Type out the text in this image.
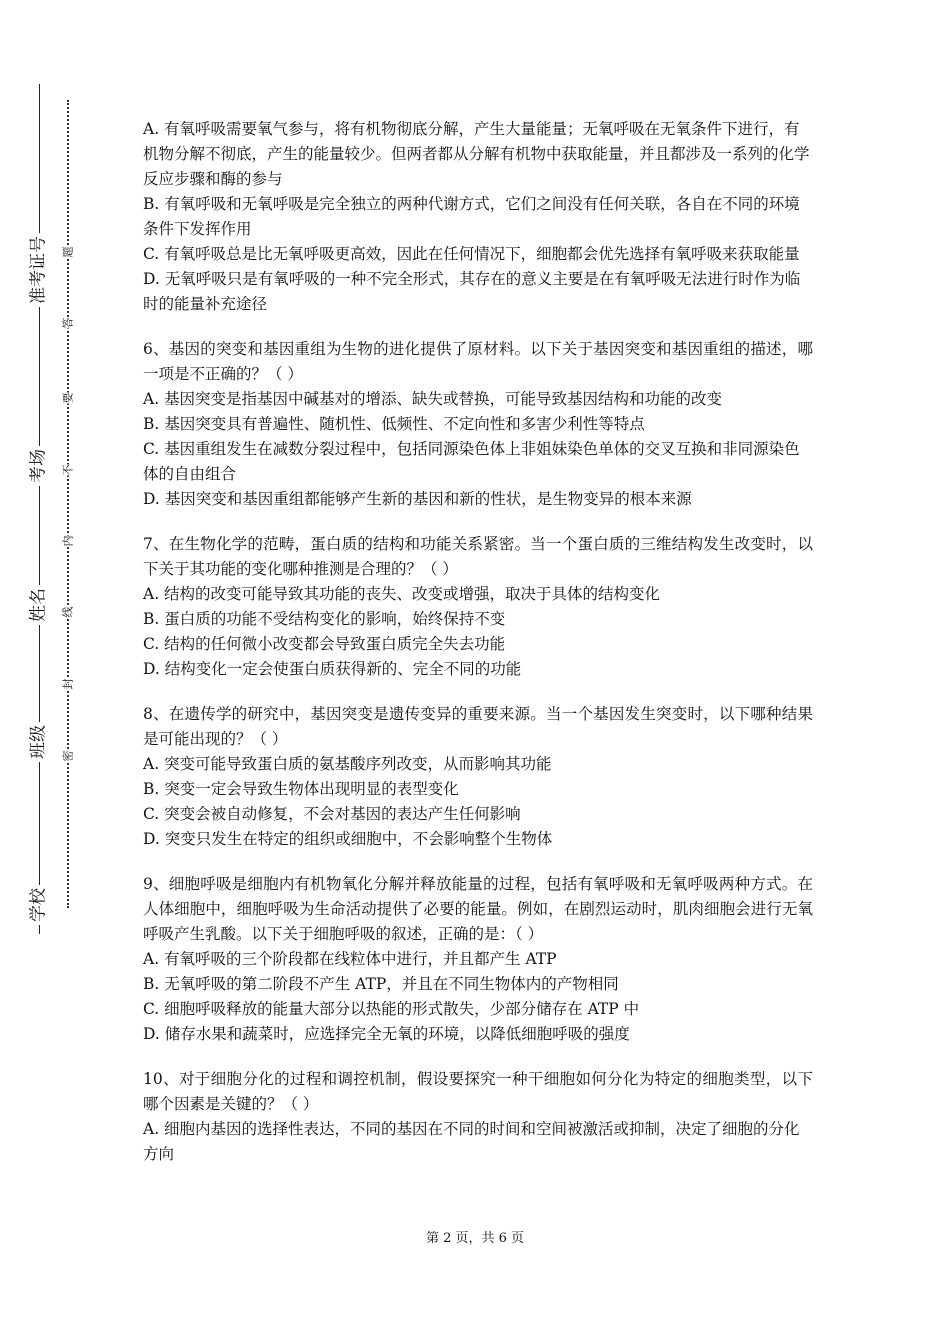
准考证号
考场
姓名
班级
学校
题
答
要
不
内
线
封
密

A. 有氧呼吸需要氧气参与，将有机物彻底分解，产生大量能量；无氧呼吸在无氧条件下进行，有机物分解不彻底，产生的能量较少。但两者都从分解有机物中获取能量，并且都涉及一系列的化学反应步骤和酶的参与

B. 有氧呼吸和无氧呼吸是完全独立的两种代谢方式，它们之间没有任何关联，各自在不同的环境条件下发挥作用

C. 有氧呼吸总是比无氧呼吸更高效，因此在任何情况下，细胞都会优先选择有氧呼吸来获取能量

D. 无氧呼吸只是有氧呼吸的一种不完全形式，其存在的意义主要是在有氧呼吸无法进行时作为临时的能量补充途径

6、基因的突变和基因重组为生物的进化提供了原材料。以下关于基因突变和基因重组的描述，哪一项是不正确的？（ ）

A. 基因突变是指基因中碱基对的增添、缺失或替换，可能导致基因结构和功能的改变

B. 基因突变具有普遍性、随机性、低频性、不定向性和多害少利性等特点

C. 基因重组发生在减数分裂过程中，包括同源染色体上非姐妹染色单体的交叉互换和非同源染色体的自由组合

D. 基因突变和基因重组都能够产生新的基因和新的性状，是生物变异的根本来源

7、在生物化学的范畴，蛋白质的结构和功能关系紧密。当一个蛋白质的三维结构发生改变时，以下关于其功能的变化哪种推测是合理的？（ ）

A. 结构的改变可能导致其功能的丧失、改变或增强，取决于具体的结构变化

B. 蛋白质的功能不受结构变化的影响，始终保持不变

C. 结构的任何微小改变都会导致蛋白质完全失去功能

D. 结构变化一定会使蛋白质获得新的、完全不同的功能

8、在遗传学的研究中，基因突变是遗传变异的重要来源。当一个基因发生突变时，以下哪种结果是可能出现的？（ ）

A. 突变可能导致蛋白质的氨基酸序列改变，从而影响其功能

B. 突变一定会导致生物体出现明显的表型变化

C. 突变会被自动修复，不会对基因的表达产生任何影响

D. 突变只发生在特定的组织或细胞中，不会影响整个生物体

9、细胞呼吸是细胞内有机物氧化分解并释放能量的过程，包括有氧呼吸和无氧呼吸两种方式。在人体细胞中，细胞呼吸为生命活动提供了必要的能量。例如，在剧烈运动时，肌肉细胞会进行无氧呼吸产生乳酸。以下关于细胞呼吸的叙述，正确的是：（ ）

A. 有氧呼吸的三个阶段都在线粒体中进行，并且都产生 ATP

B. 无氧呼吸的第二阶段不产生 ATP，并且在不同生物体内的产物相同

C. 细胞呼吸释放的能量大部分以热能的形式散失，少部分储存在 ATP 中

D. 储存水果和蔬菜时，应选择完全无氧的环境，以降低细胞呼吸的强度

10、对于细胞分化的过程和调控机制，假设要探究一种干细胞如何分化为特定的细胞类型，以下哪个因素是关键的？（ ）

A. 细胞内基因的选择性表达，不同的基因在不同的时间和空间被激活或抑制，决定了细胞的分化方向

第 2 页，共 6 页
